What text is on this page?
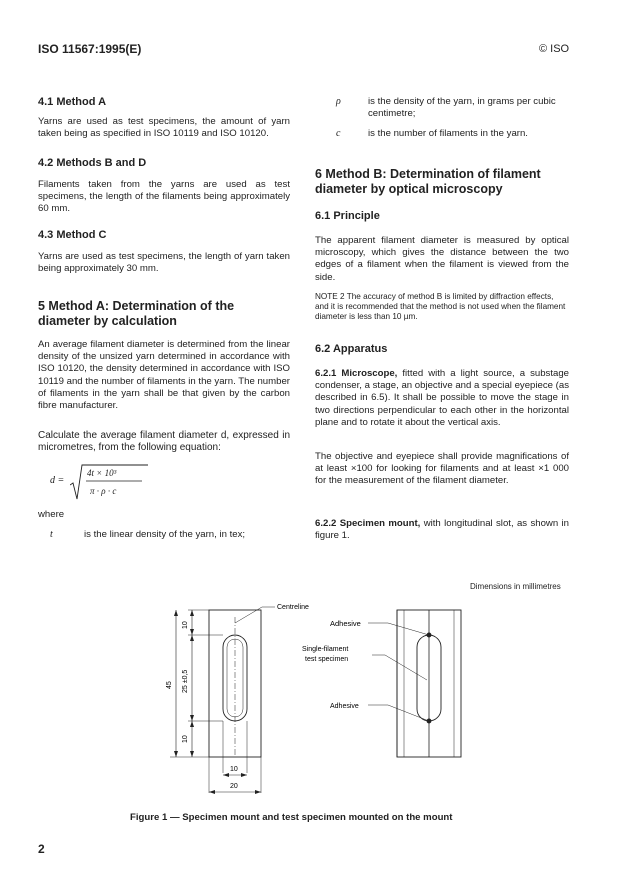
ISO 11567:1995(E)	© ISO
4.1 Method A
Yarns are used as test specimens, the amount of yarn taken being as specified in ISO 10119 and ISO 10120.
4.2 Methods B and D
Filaments taken from the yarns are used as test specimens, the length of the filaments being approximately 60 mm.
4.3 Method C
Yarns are used as test specimens, the length of yarn taken being approximately 30 mm.
5 Method A: Determination of the diameter by calculation
An average filament diameter is determined from the linear density of the unsized yarn determined in accordance with ISO 10120, the density determined in accordance with ISO 10119 and the number of filaments in the yarn. The number of filaments in the yarn shall be that given by the carbon fibre manufacturer.
Calculate the average filament diameter d, expressed in micrometres, from the following equation:
d =
4t × 10³
π · ρ · c
where
t	is the linear density of the yarn, in tex;
ρ	is the density of the yarn, in grams per cubic centimetre;
c	is the number of filaments in the yarn.
6 Method B: Determination of filament diameter by optical microscopy
6.1 Principle
The apparent filament diameter is measured by optical microscopy, which gives the distance between the two edges of a filament when the filament is viewed from the side.
NOTE 2 The accuracy of method B is limited by diffraction effects, and it is recommended that the method is not used when the filament diameter is less than 10 µm.
6.2 Apparatus
6.2.1 Microscope, fitted with a light source, a substage condenser, a stage, an objective and a special eyepiece (as described in 6.5). It shall be possible to move the stage in two directions perpendicular to each other in the horizontal plane and to rotate it about the vertical axis.
The objective and eyepiece shall provide magnifications of at least ×100 for looking for filaments and at least ×1 000 for the measurement of the filament diameter.
6.2.2 Specimen mount, with longitudinal slot, as shown in figure 1.
Dimensions in millimetres
Centreline
Adhesive
Single-filament
test specimen
Adhesive
10
25 ±0,5
10
45
10
20
Figure 1 — Specimen mount and test specimen mounted on the mount
2
